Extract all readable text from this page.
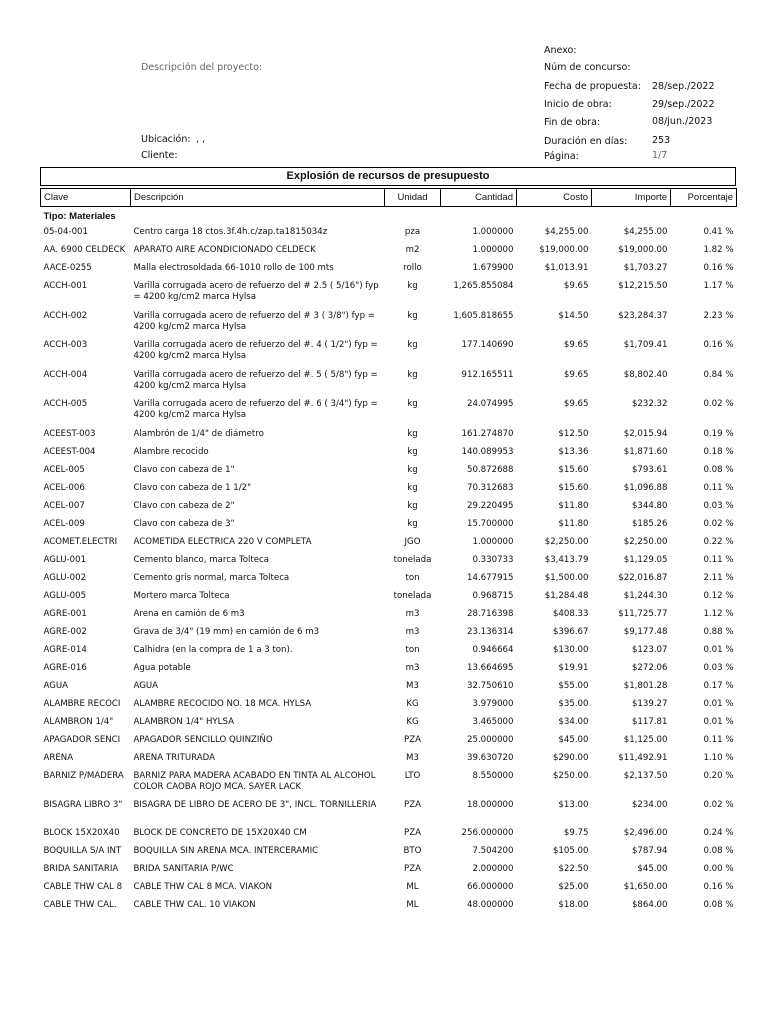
Descripción del proyecto:
Anexo:
Núm de concurso:
Fecha de propuesta: 28/sep./2022
Inicio de obra:	29/sep./2022
Fin de obra:	08/jun./2023
Duración en días:	253
Página:	1/7
Ubicación: , ,
Cliente:
Explosión de recursos de presupuesto
Clave	Descripción	Unidad	Cantidad	Costo	Importe	Porcentaje
Tipo: Materiales						
05-04-001	Centro carga 18 ctos.3f.4h.c/zap.ta1815034z	pza	1.000000	$4,255.00	$4,255.00	0.41 %
AA. 6900 CELDECK	APARATO AIRE ACONDICIONADO CELDECK	m2	1.000000	$19,000.00	$19,000.00	1.82 %
AACE-0255	Malla electrosoldada 66-1010 rollo de 100 mts	rollo	1.679900	$1,013.91	$1,703.27	0.16 %
ACCH-001	Varilla corrugada acero de refuerzo del # 2.5 ( 5/16") fyp = 4200 kg/cm2 marca Hylsa	kg	1,265.855084	$9.65	$12,215.50	1.17 %
ACCH-002	Varilla corrugada acero de refuerzo del # 3 ( 3/8") fyp = 4200 kg/cm2 marca Hylsa	kg	1,605.818655	$14.50	$23,284.37	2.23 %
ACCH-003	Varilla corrugada acero de refuerzo del #. 4 ( 1/2") fyp = 4200 kg/cm2 marca Hylsa	kg	177.140690	$9.65	$1,709.41	0.16 %
ACCH-004	Varilla corrugada acero de refuerzo del #. 5 ( 5/8") fyp = 4200 kg/cm2 marca Hylsa	kg	912.165511	$9.65	$8,802.40	0.84 %
ACCH-005	Varilla corrugada acero de refuerzo del #. 6 ( 3/4") fyp = 4200 kg/cm2 marca Hylsa	kg	24.074995	$9.65	$232.32	0.02 %
ACEEST-003	Alambrón de 1/4" de diámetro	kg	161.274870	$12.50	$2,015.94	0.19 %
ACEEST-004	Alambre recocido	kg	140.089953	$13.36	$1,871.60	0.18 %
ACEL-005	Clavo con cabeza de 1"	kg	50.872688	$15.60	$793.61	0.08 %
ACEL-006	Clavo con cabeza de 1 1/2"	kg	70.312683	$15.60	$1,096.88	0.11 %
ACEL-007	Clavo con cabeza de 2"	kg	29.220495	$11.80	$344.80	0.03 %
ACEL-009	Clavo con cabeza de 3"	kg	15.700000	$11.80	$185.26	0.02 %
ACOMET.ELECTRI	ACOMETIDA ELECTRICA 220 V COMPLETA	JGO	1.000000	$2,250.00	$2,250.00	0.22 %
AGLU-001	Cemento blanco, marca Tolteca	tonelada	0.330733	$3,413.79	$1,129.05	0.11 %
AGLU-002	Cemento gris normal, marca Tolteca	ton	14.677915	$1,500.00	$22,016.87	2.11 %
AGLU-005	Mortero marca Tolteca	tonelada	0.968715	$1,284.48	$1,244.30	0.12 %
AGRE-001	Arena en camión de 6 m3	m3	28.716398	$408.33	$11,725.77	1.12 %
AGRE-002	Grava de 3/4" (19 mm) en camión de 6 m3	m3	23.136314	$396.67	$9,177.48	0.88 %
AGRE-014	Calhidra (en la compra de 1 a 3 ton).	ton	0.946664	$130.00	$123.07	0.01 %
AGRE-016	Agua potable	m3	13.664695	$19.91	$272.06	0.03 %
AGUA	AGUA	M3	32.750610	$55.00	$1,801.28	0.17 %
ALAMBRE RECOCI	ALAMBRE RECOCIDO NO. 18 MCA. HYLSA	KG	3.979000	$35.00	$139.27	0.01 %
ALAMBRON 1/4"	ALAMBRON 1/4" HYLSA	KG	3.465000	$34.00	$117.81	0.01 %
APAGADOR SENCI	APAGADOR SENCILLO QUINZIÑO	PZA	25.000000	$45.00	$1,125.00	0.11 %
ARENA	ARENA TRITURADA	M3	39.630720	$290.00	$11,492.91	1.10 %
BARNIZ P/MADERA	BARNIZ PARA MADERA ACABADO EN TINTA AL ALCOHOL COLOR CAOBA ROJO MCA. SAYER LACK	LTO	8.550000	$250.00	$2,137.50	0.20 %
BISAGRA LIBRO 3"	BISAGRA DE LIBRO DE ACERO DE 3", INCL. TORNILLERIA	PZA	18.000000	$13.00	$234.00	0.02 %
BLOCK 15X20X40	BLOCK DE CONCRETO DE 15X20X40 CM	PZA	256.000000	$9.75	$2,496.00	0.24 %
BOQUILLA S/A INT	BOQUILLA SIN ARENA MCA. INTERCERAMIC	BTO	7.504200	$105.00	$787.94	0.08 %
BRIDA SANITARIA	BRIDA SANITARIA P/WC	PZA	2.000000	$22.50	$45.00	0.00 %
CABLE THW CAL 8	CABLE THW CAL 8 MCA. VIAKON	ML	66.000000	$25.00	$1,650.00	0.16 %
CABLE THW CAL.	CABLE THW CAL. 10 VIAKON	ML	48.000000	$18.00	$864.00	0.08 %
